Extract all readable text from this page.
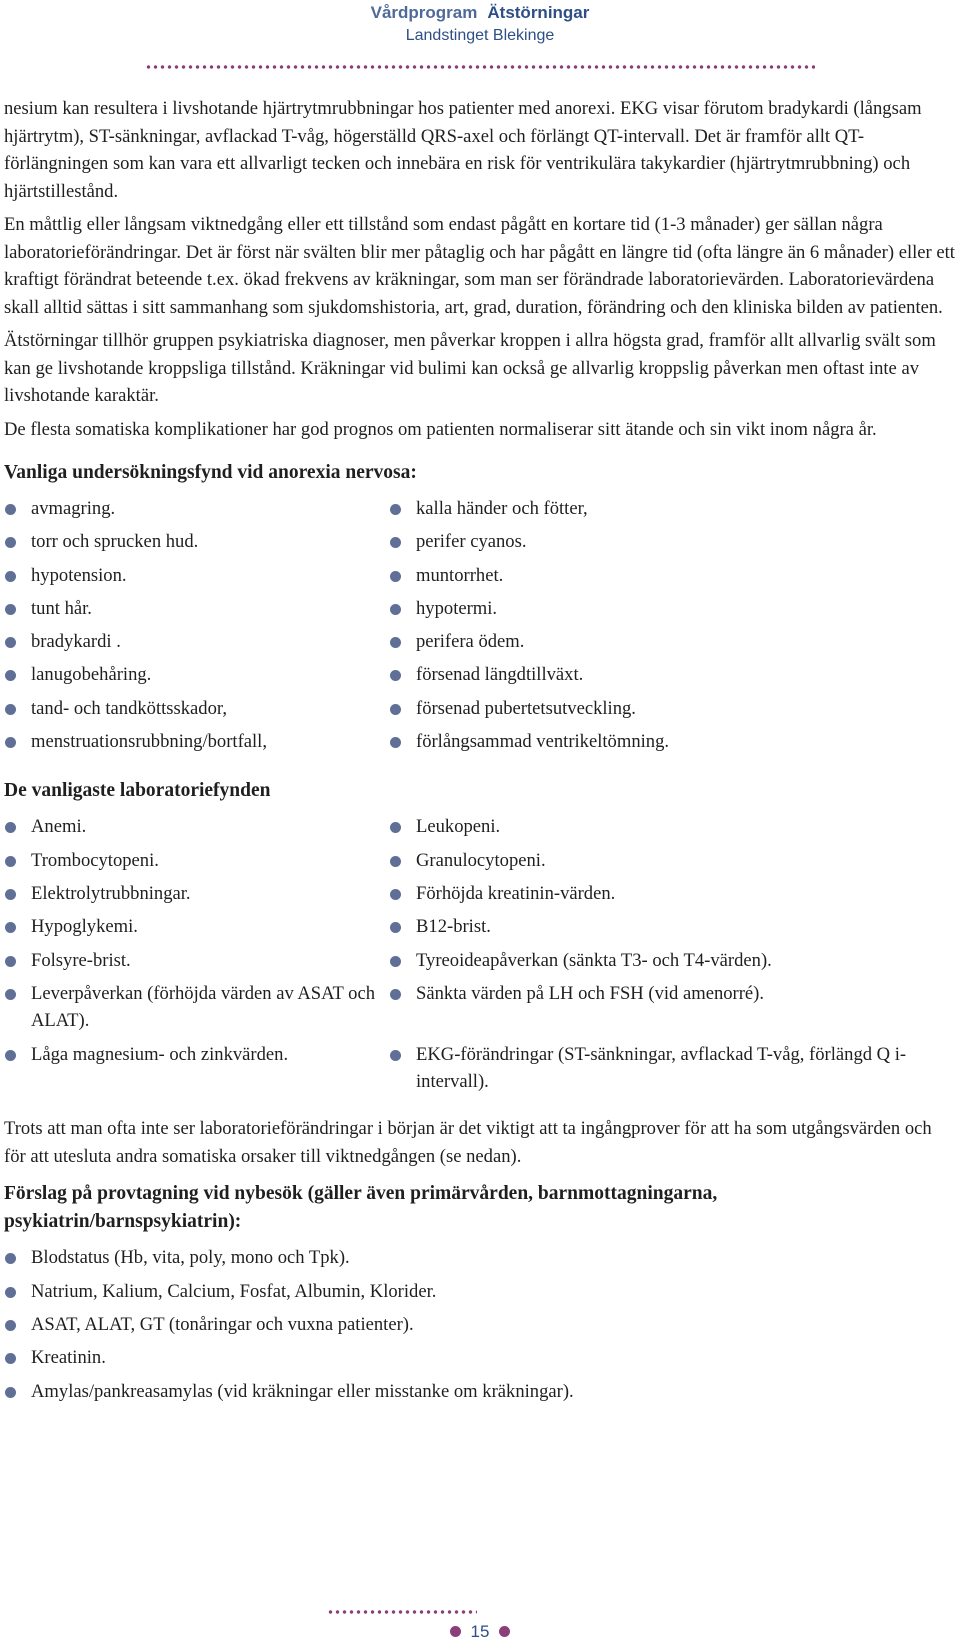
Vårdprogram Ätstörningar
Landstinget Blekinge

nesium kan resultera i livshotande hjärtrytmrubbningar hos patienter med anorexi. EKG visar förutom bradykardi (långsam hjärtrytm), ST-sänkningar, avflackad T-våg, högerställd QRS-axel och förlängt QT-intervall. Det är framför allt QT-förlängningen som kan vara ett allvarligt tecken och innebära en risk för ventrikulära takykardier (hjärtrytmrubbning) och hjärtstillestånd.

En måttlig eller långsam viktnedgång eller ett tillstånd som endast pågått en kortare tid (1-3 månader) ger sällan några laboratorieförändringar. Det är först när svälten blir mer påtaglig och har pågått en längre tid (ofta längre än 6 månader) eller ett kraftigt förändrat beteende t.ex. ökad frekvens av kräkningar, som man ser förändrade laboratorievärden. Laboratorievärdena skall alltid sättas i sitt sammanhang som sjukdomshistoria, art, grad, duration, förändring och den kliniska bilden av patienten.

Ätstörningar tillhör gruppen psykiatriska diagnoser, men påverkar kroppen i allra högsta grad, framför allt allvarlig svält som kan ge livshotande kroppsliga tillstånd. Kräkningar vid bulimi kan också ge allvarlig kroppslig påverkan men oftast inte av livshotande karaktär.

De flesta somatiska komplikationer har god prognos om patienten normaliserar sitt ätande och sin vikt inom några år.

Vanliga undersökningsfynd vid anorexia nervosa:
avmagring.
torr och sprucken hud.
hypotension.
tunt hår.
bradykardi .
lanugobehåring.
tand- och tandköttsskador,
menstruationsrubbning/bortfall,
kalla händer och fötter,
perifer cyanos.
muntorrhet.
hypotermi.
perifera ödem.
försenad längdtillväxt.
försenad pubertetsutveckling.
förlångsammad ventrikeltömning.
De vanligaste laboratoriefynden
Anemi.
Trombocytopeni.
Elektrolytrubbningar.
Hypoglykemi.
Folsyre-brist.
Leverpåverkan (förhöjda värden av ASAT och ALAT).
Låga magnesium- och zinkvärden.
Leukopeni.
Granulocytopeni.
Förhöjda kreatinin-värden.
B12-brist.
Tyreoideapåverkan (sänkta T3- och T4-värden).
Sänkta värden på LH och FSH (vid amenorré).
EKG-förändringar (ST-sänkningar, avflackad T-våg, förlängd Q i-intervall).

Trots att man ofta inte ser laboratorieförändringar i början är det viktigt att ta ingångprover för att ha som utgångsvärden och för att utesluta andra somatiska orsaker till viktnedgången (se nedan).

Förslag på provtagning vid nybesök (gäller även primärvården, barnmottagningarna, psykiatrin/barnspsykiatrin):
Blodstatus (Hb, vita, poly, mono och Tpk).
Natrium, Kalium, Calcium, Fosfat, Albumin, Klorider.
ASAT, ALAT, GT (tonåringar och vuxna patienter).
Kreatinin.
Amylas/pankreasamylas (vid kräkningar eller misstanke om kräkningar).
15
